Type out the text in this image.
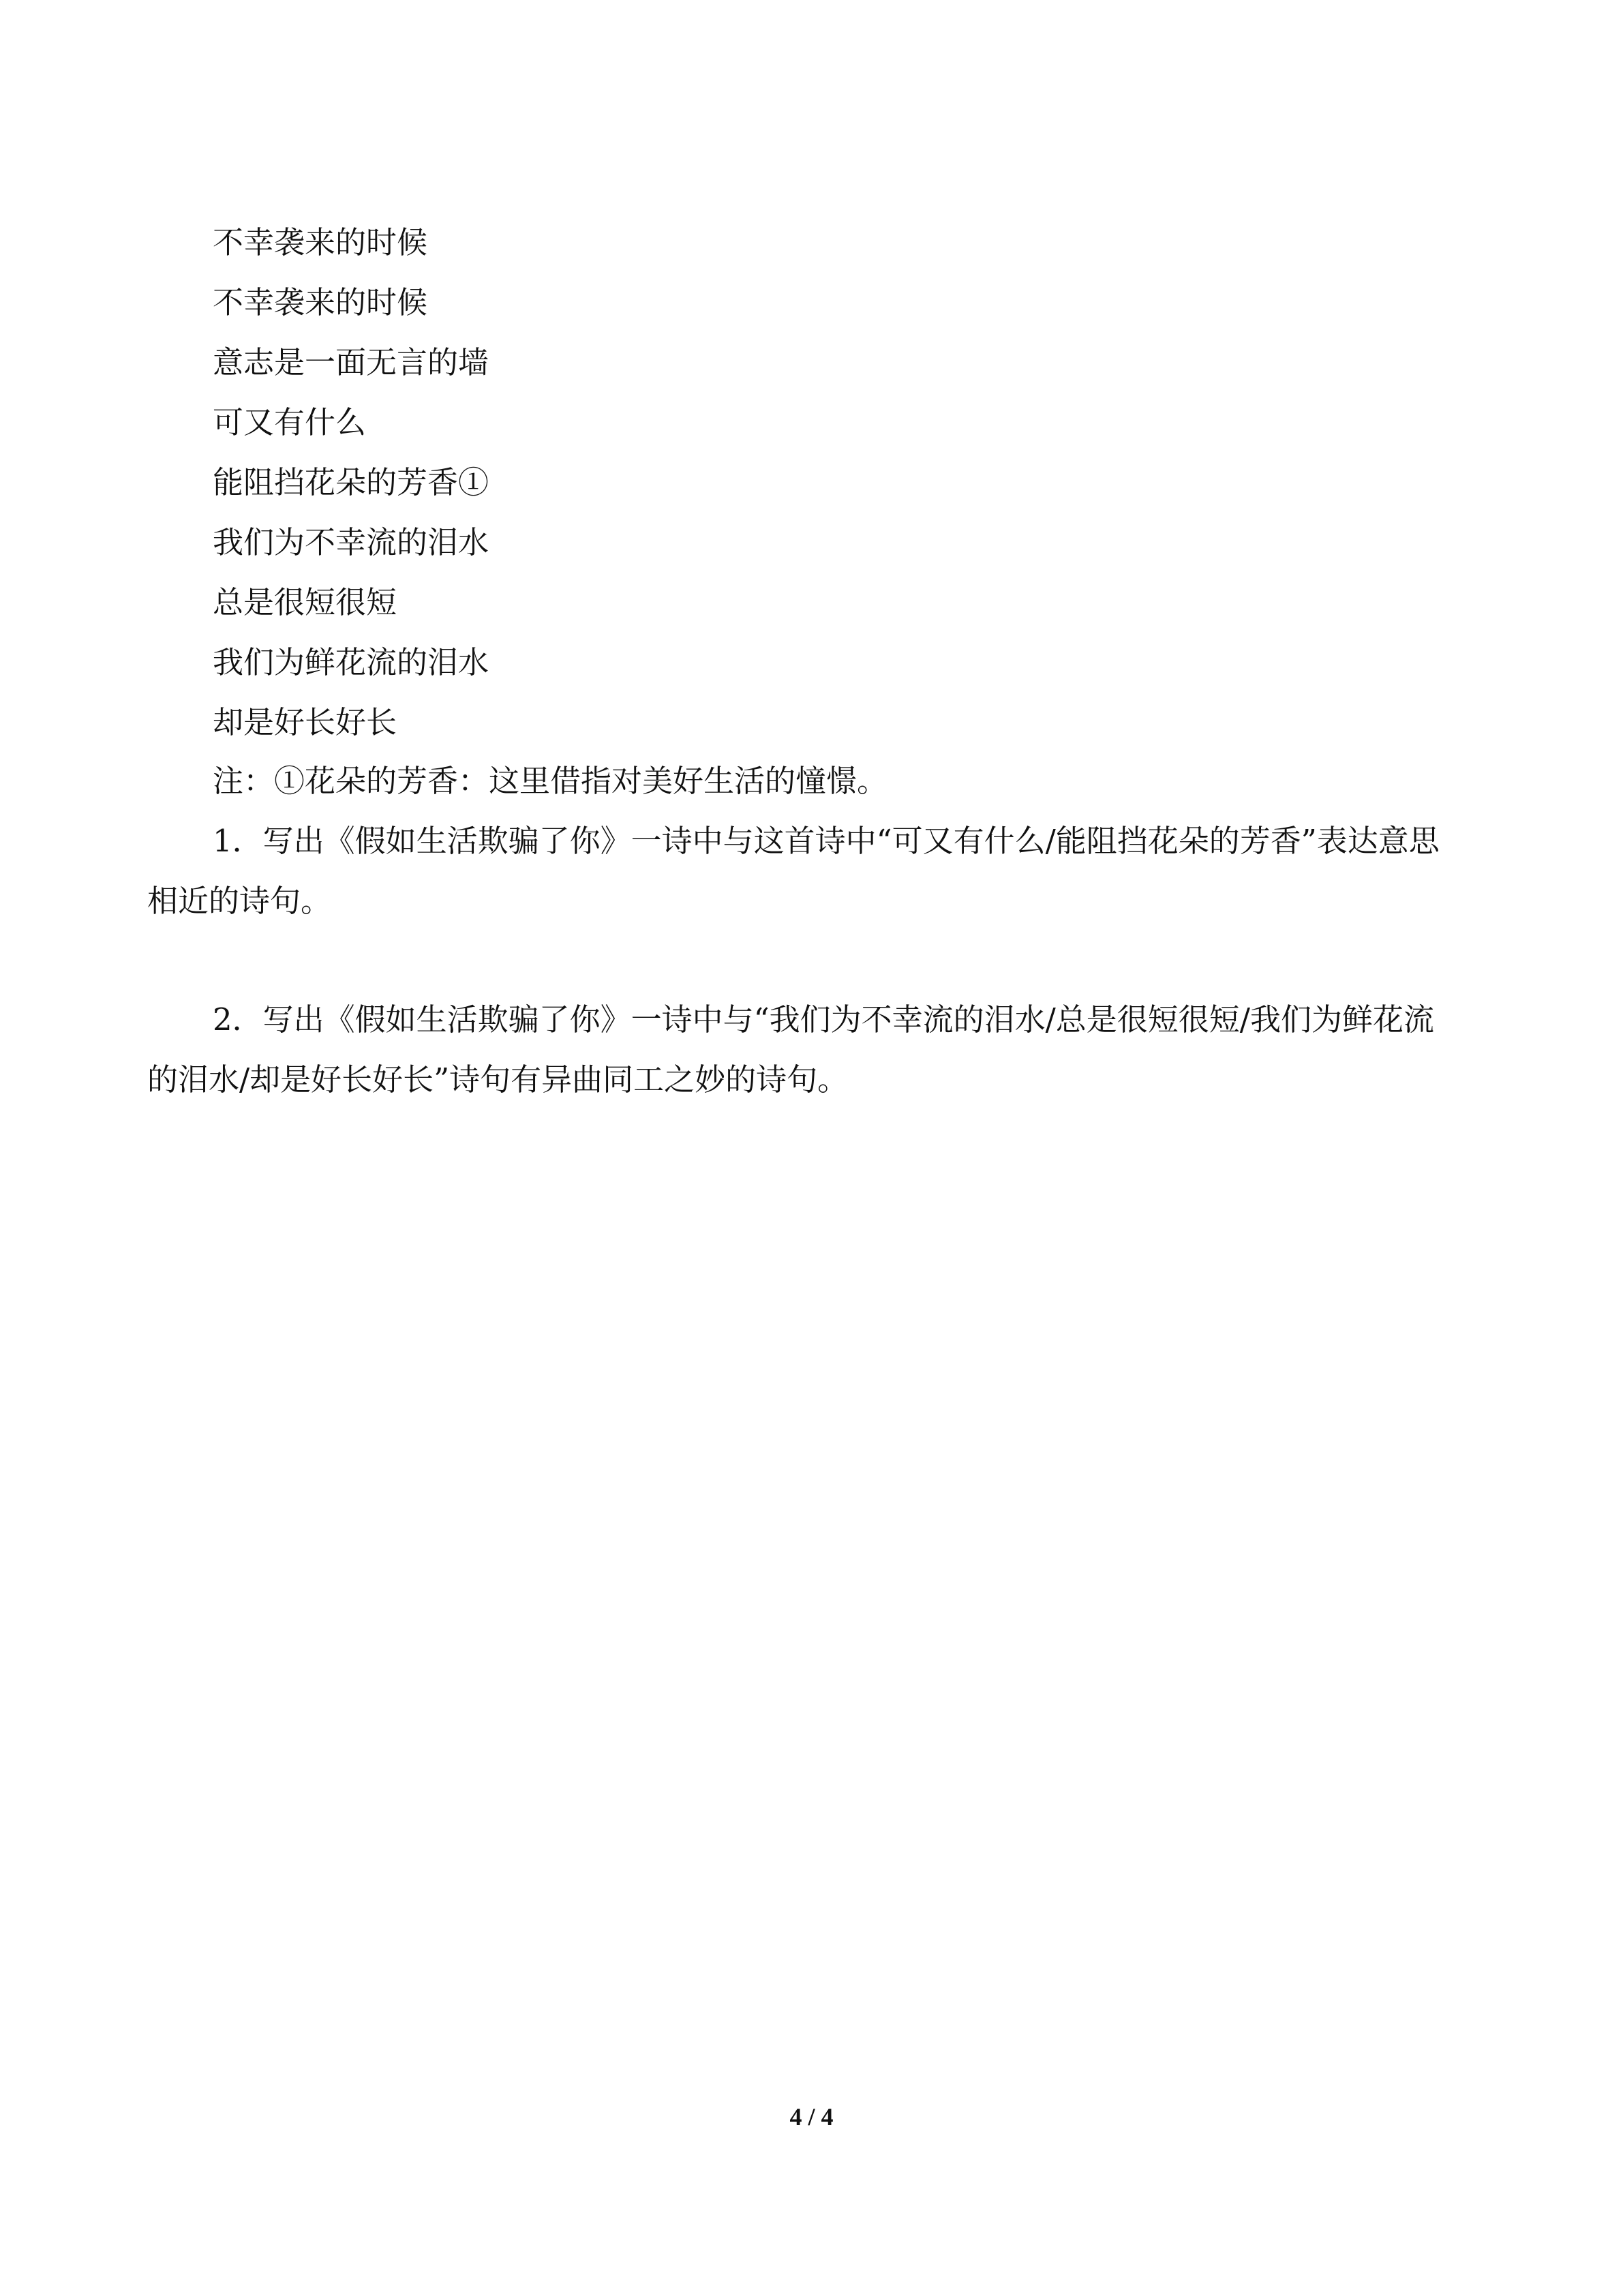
不幸袭来的时候
不幸袭来的时候
意志是一面无言的墙
可又有什么
能阻挡花朵的芳香①
我们为不幸流的泪水
总是很短很短
我们为鲜花流的泪水
却是好长好长
注：①花朵的芳香：这里借指对美好生活的憧憬。

1．写出《假如生活欺骗了你》一诗中与这首诗中“可又有什么/能阻挡花朵的芳香”表达意思相近的诗句。

2．写出《假如生活欺骗了你》一诗中与“我们为不幸流的泪水/总是很短很短/我们为鲜花流的泪水/却是好长好长”诗句有异曲同工之妙的诗句。

4 / 4
